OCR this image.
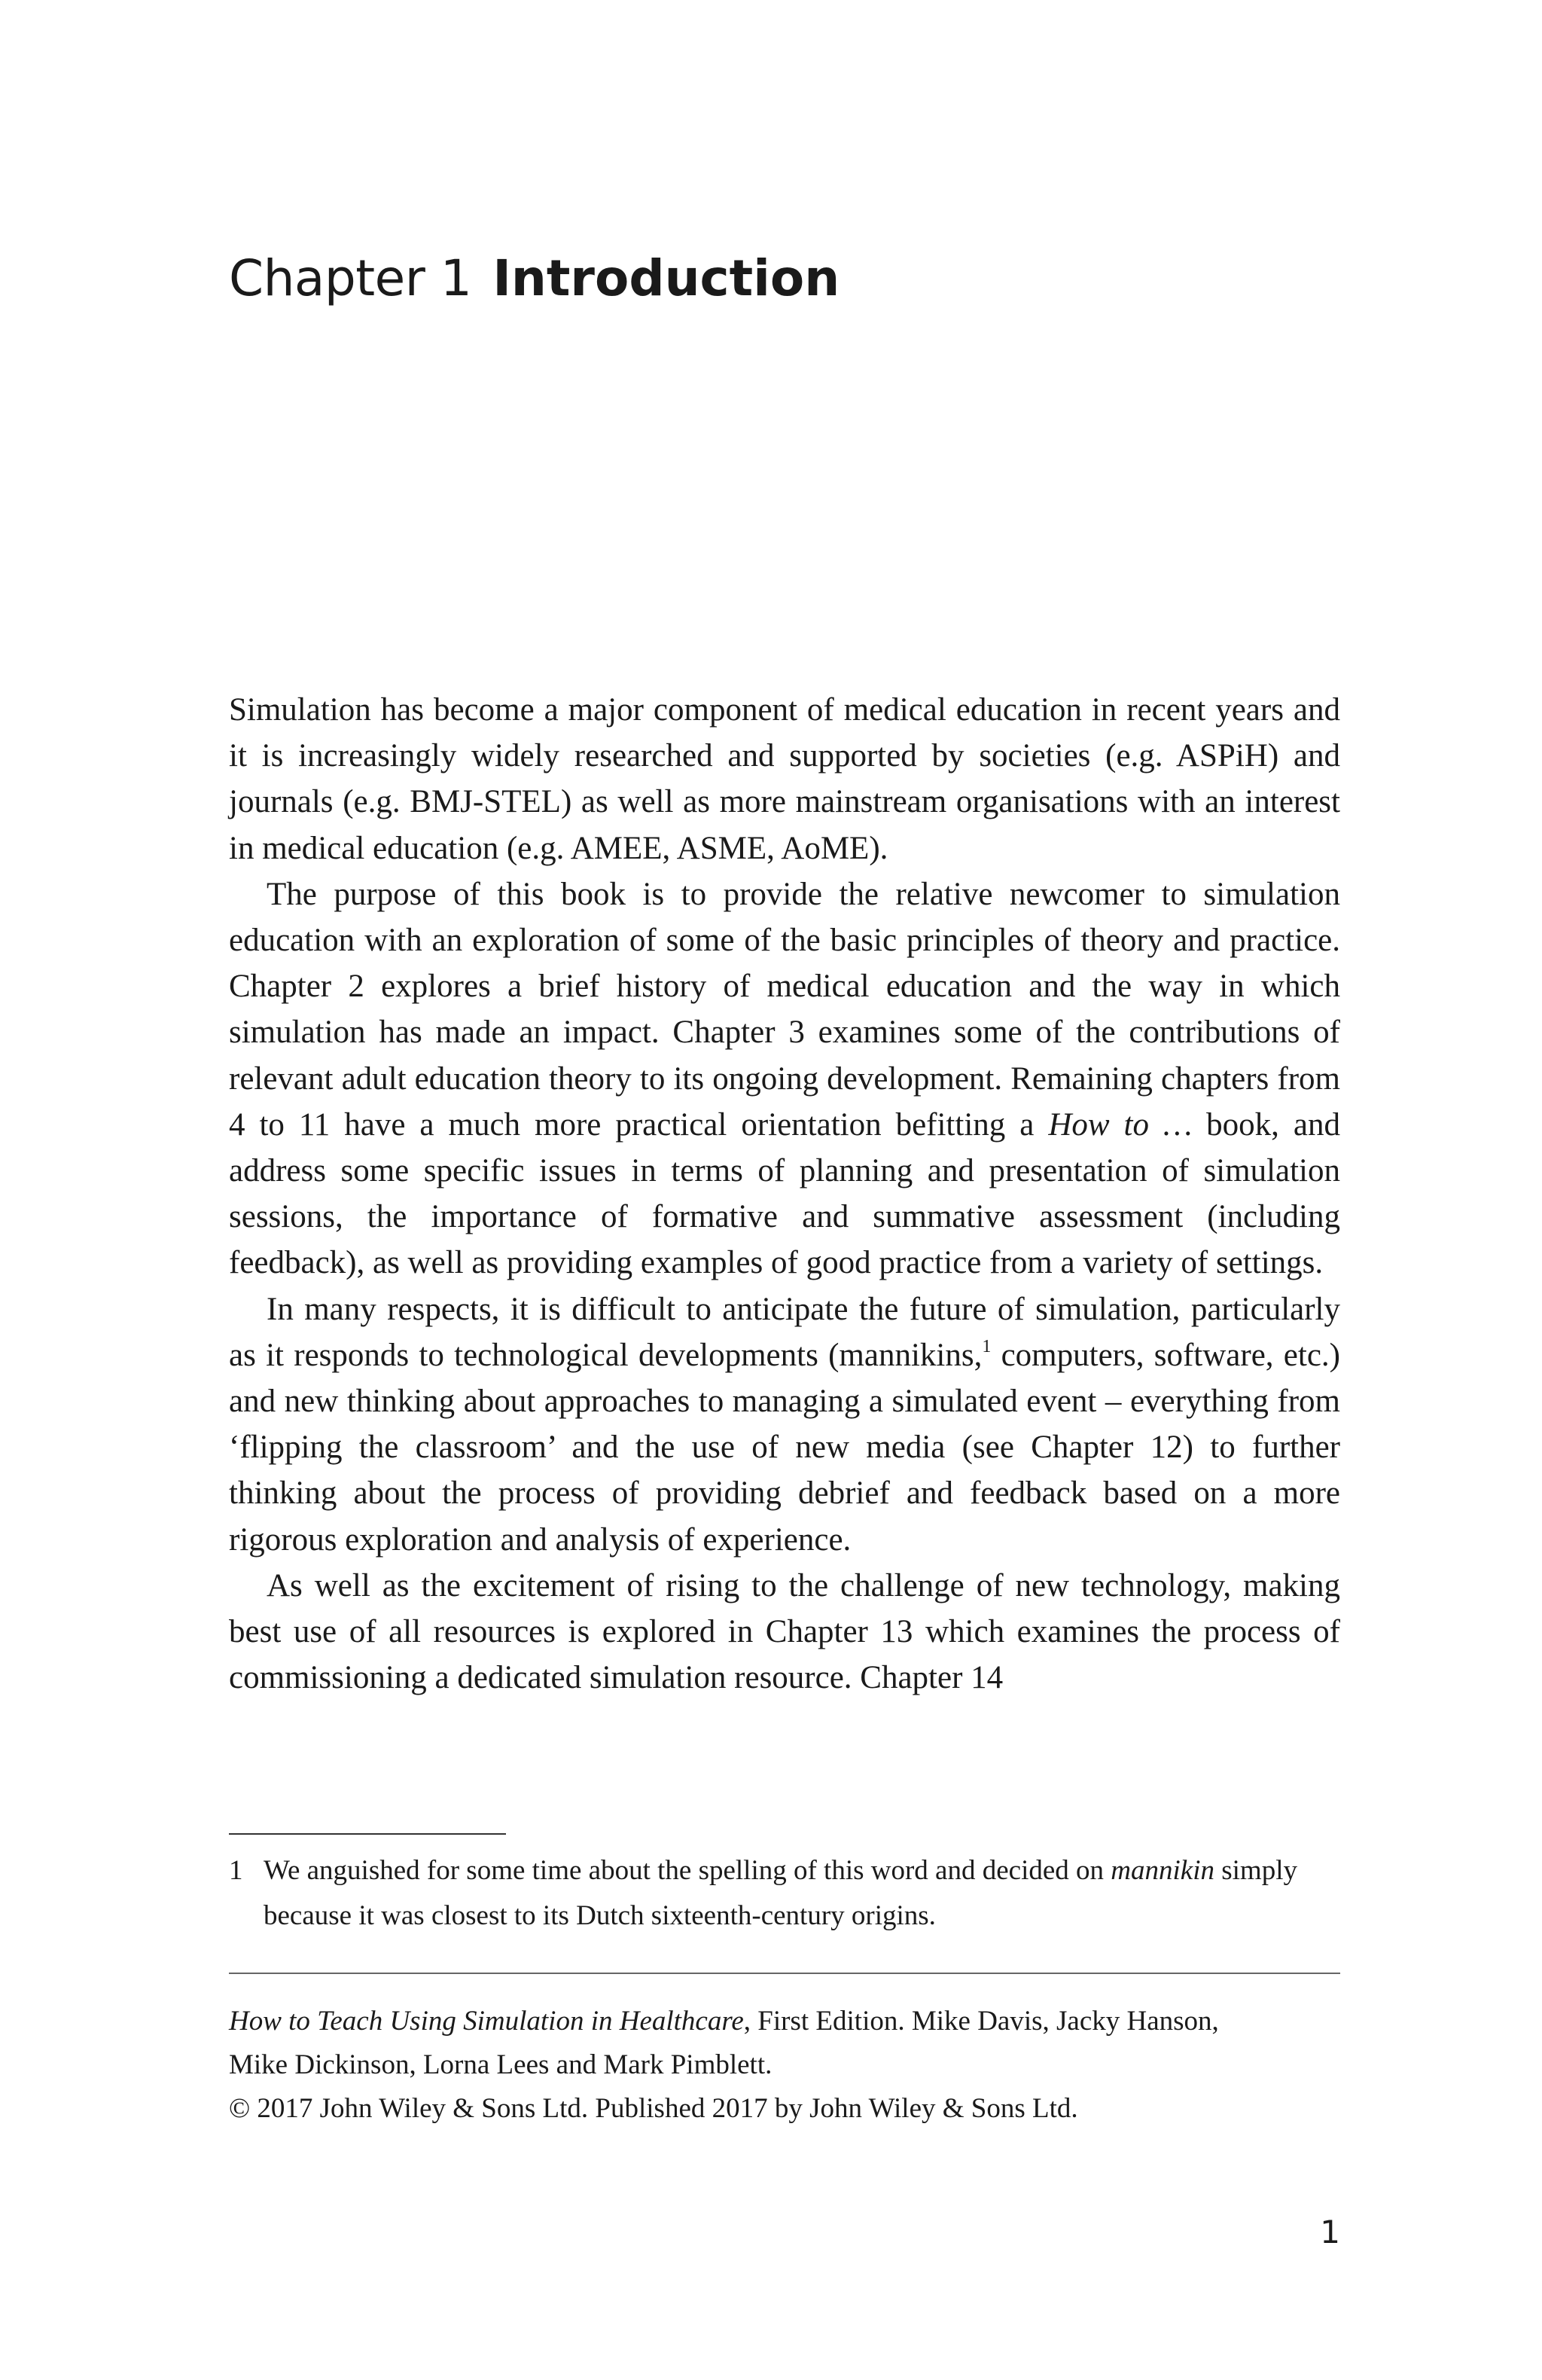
Chapter 1 Introduction

Simulation has become a major component of medical education in recent years and it is increasingly widely researched and supported by societies (e.g. ASPiH) and journals (e.g. BMJ-STEL) as well as more mainstream organisations with an interest in medical education (e.g. AMEE, ASME, AoME).

The purpose of this book is to provide the relative newcomer to simulation education with an exploration of some of the basic principles of theory and practice. Chapter 2 explores a brief history of medical education and the way in which simulation has made an impact. Chapter 3 examines some of the contributions of relevant adult education theory to its ongoing development. Remaining chapters from 4 to 11 have a much more practical orientation befitting a How to … book, and address some specific issues in terms of planning and presentation of simulation sessions, the importance of formative and summative assessment (including feedback), as well as providing examples of good practice from a variety of settings.

In many respects, it is difficult to anticipate the future of simulation, particularly as it responds to technological developments (mannikins,$^1$ computers, software, etc.) and new thinking about approaches to managing a simulated event – everything from ‘flipping the classroom’ and the use of new media (see Chapter 12) to further thinking about the process of providing debrief and feedback based on a more rigorous exploration and analysis of experience.

As well as the excitement of rising to the challenge of new technology, making best use of all resources is explored in Chapter 13 which examines the process of commissioning a dedicated simulation resource. Chapter 14

1 We anguished for some time about the spelling of this word and decided on mannikin simply because it was closest to its Dutch sixteenth-century origins.
How to Teach Using Simulation in Healthcare, First Edition. Mike Davis, Jacky Hanson,
Mike Dickinson, Lorna Lees and Mark Pimblett.
© 2017 John Wiley & Sons Ltd. Published 2017 by John Wiley & Sons Ltd.
1
